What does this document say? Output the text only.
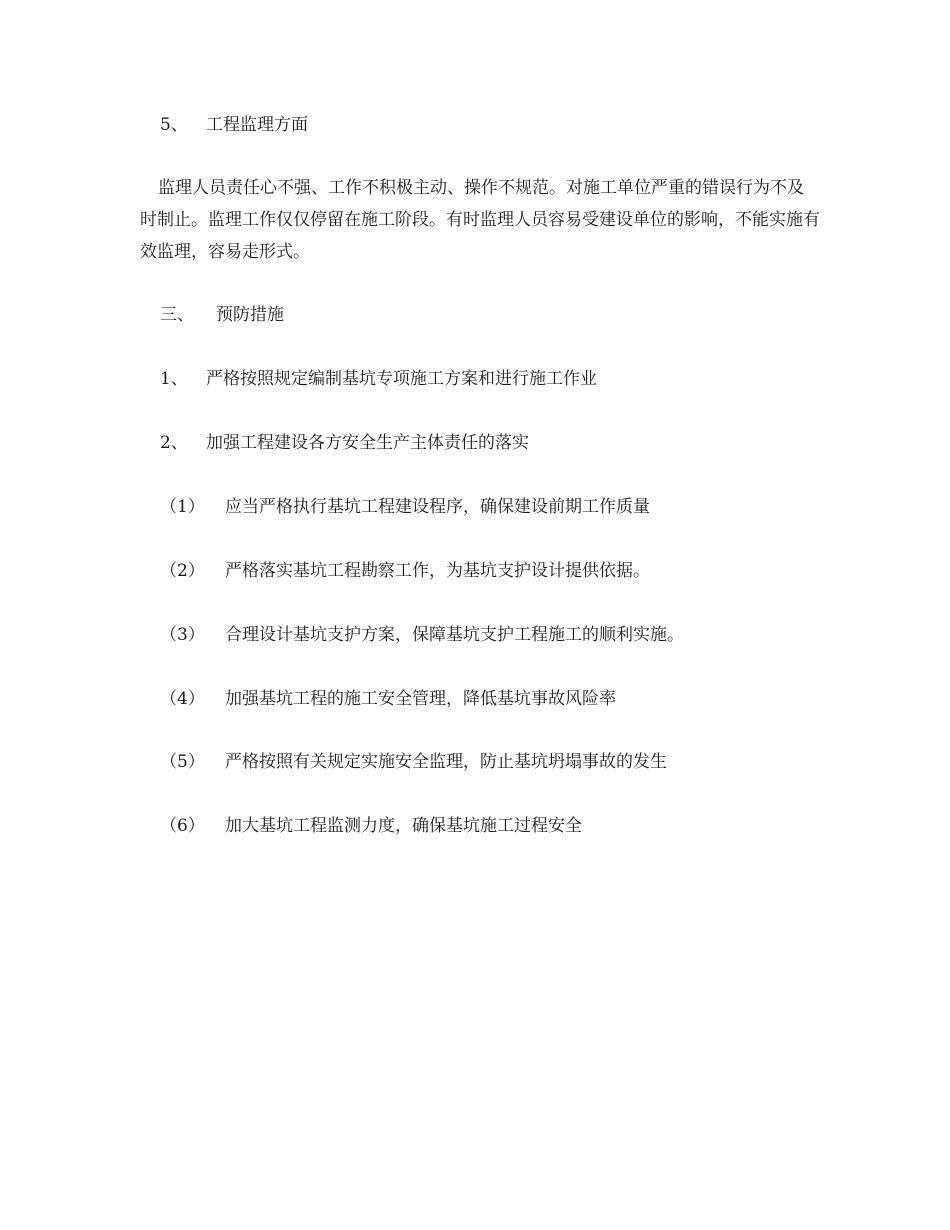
5、 工程监理方面
监理人员责任心不强、工作不积极主动、操作不规范。对施工单位严重的错误行为不及时制止。监理工作仅仅停留在施工阶段。有时监理人员容易受建设单位的影响，不能实施有效监理，容易走形式。
三、 预防措施
1、 严格按照规定编制基坑专项施工方案和进行施工作业
2、 加强工程建设各方安全生产主体责任的落实
（1） 应当严格执行基坑工程建设程序，确保建设前期工作质量
（2） 严格落实基坑工程勘察工作，为基坑支护设计提供依据。
（3） 合理设计基坑支护方案，保障基坑支护工程施工的顺利实施。
（4） 加强基坑工程的施工安全管理，降低基坑事故风险率
（5） 严格按照有关规定实施安全监理，防止基坑坍塌事故的发生
（6） 加大基坑工程监测力度，确保基坑施工过程安全
